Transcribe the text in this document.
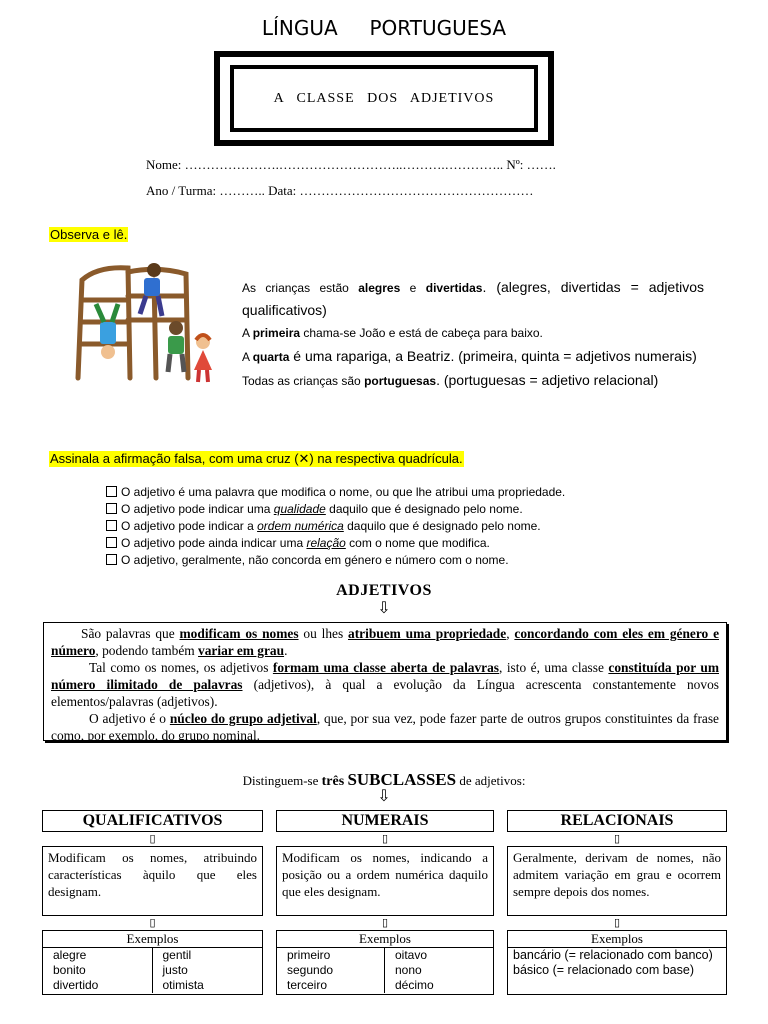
LÍNGUA     PORTUGUESA
A CLASSE DOS ADJETIVOS
Nome: ………………….………………………..……….………….. Nº: …….
Ano / Turma: ……….. Data: ………………………………………………
Observa e lê.
As crianças estão alegres e divertidas. (alegres, divertidas = adjetivos qualificativos)
A primeira chama-se João e está de cabeça para baixo.
A quarta é uma rapariga, a Beatriz. (primeira, quinta = adjetivos numerais)
Todas as crianças são portuguesas. (portuguesas = adjetivo relacional)
Assinala a afirmação falsa, com uma cruz (✕) na respectiva quadrícula.
O adjetivo é uma palavra que modifica o nome, ou que lhe atribui uma propriedade.
O adjetivo pode indicar uma qualidade daquilo que é designado pelo nome.
O adjetivo pode indicar a ordem numérica daquilo que é designado pelo nome.
O adjetivo pode ainda indicar uma relação com o nome que modifica.
O adjetivo, geralmente, não concorda em género e número com o nome.
ADJETIVOS
⇩

São palavras que modificam os nomes ou lhes atribuem uma propriedade, concordando com eles em género e número, podendo também variar em grau.

Tal como os nomes, os adjetivos formam uma classe aberta de palavras, isto é, uma classe constituída por um número ilimitado de palavras (adjetivos), à qual a evolução da Língua acrescenta constantemente novos elementos/palavras (adjetivos).

O adjetivo é o núcleo do grupo adjetival, que, por sua vez, pode fazer parte de outros grupos constituintes da frase como, por exemplo, do grupo nominal.

Distinguem-se três SUBCLASSES de adjetivos:
⇩
QUALIFICATIVOS
▯
Modificam os nomes, atribuindo características àquilo que eles designam.
▯
Exemplos
alegre
bonito
divertido
gentil
justo
otimista
NUMERAIS
▯
Modificam os nomes, indicando a posição ou a ordem numérica daquilo que eles designam.
▯
Exemplos
primeiro
segundo
terceiro
oitavo
nono
décimo
RELACIONAIS
▯
Geralmente, derivam de nomes, não admitem variação em grau e ocorrem sempre depois dos nomes.
▯
Exemplos
bancário (= relacionado com banco)
básico (= relacionado com base)
